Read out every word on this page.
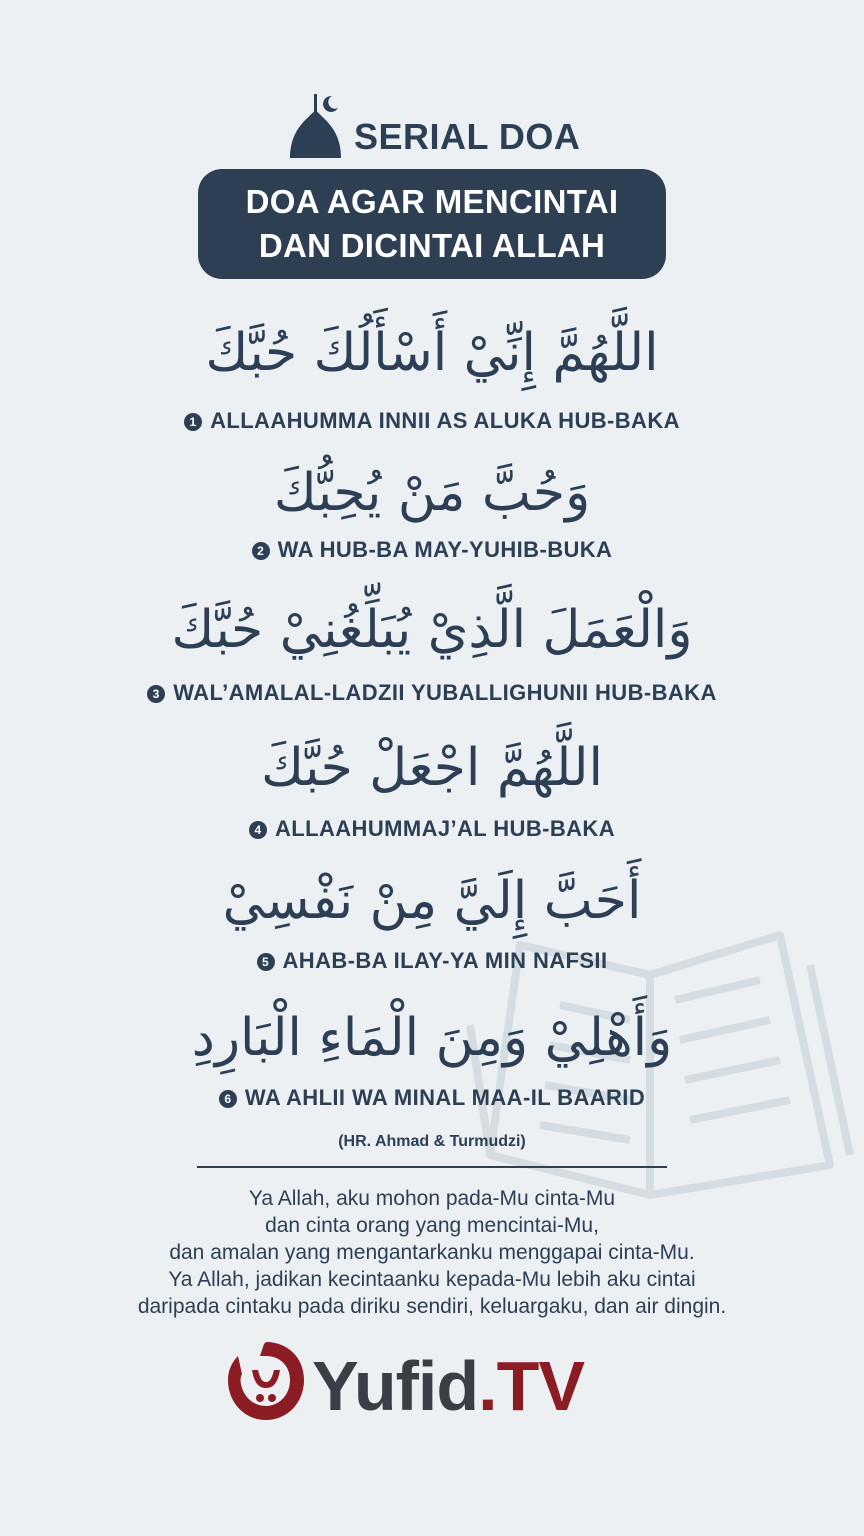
SERIAL DOA
DOA AGAR MENCINTAI
DAN DICINTAI ALLAH
اللَّهُمَّ إِنِّيْ أَسْأَلُكَ حُبَّكَ
1 ALLAAHUMMA INNII AS ALUKA HUB-BAKA
وَحُبَّ مَنْ يُحِبُّكَ
2 WA HUB-BA MAY-YUHIB-BUKA
وَالْعَمَلَ الَّذِيْ يُبَلِّغُنِيْ حُبَّكَ
3 WAL’AMALAL-LADZII YUBALLIGHUNII HUB-BAKA
اللَّهُمَّ اجْعَلْ حُبَّكَ
4 ALLAAHUMMAJ’AL HUB-BAKA
أَحَبَّ إِلَيَّ مِنْ نَفْسِيْ
5 AHAB-BA ILAY-YA MIN NAFSII
وَأَهْلِيْ وَمِنَ الْمَاءِ الْبَارِدِ
6 WA AHLII WA MINAL MAA-IL BAARID
(HR. Ahmad & Turmudzi)
Ya Allah, aku mohon pada-Mu cinta-Mu
dan cinta orang yang mencintai-Mu,
dan amalan yang mengantarkanku menggapai cinta-Mu.
Ya Allah, jadikan kecintaanku kepada-Mu lebih aku cintai
daripada cintaku pada diriku sendiri, keluargaku, dan air dingin.
Yufid.TV
